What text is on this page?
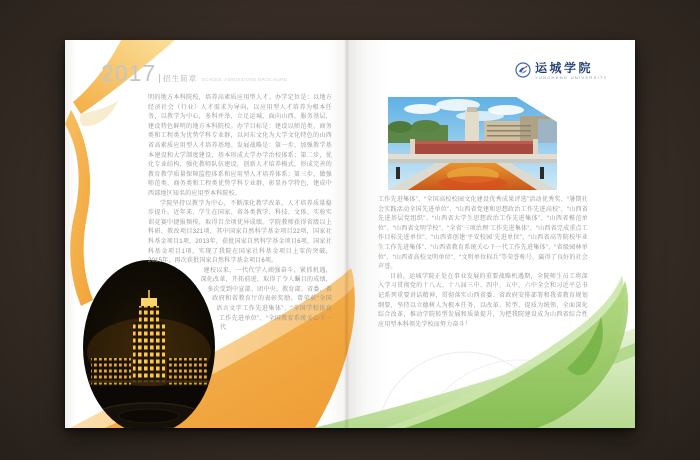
2017 招生简章 SCHOOL ADMISSIONS BROCHURE

明的地方本科院校，培养高素质应用型人才。办学定位是：以地方经济社会（行业）人才需求为导向，以应用型人才培养为根本任务，以教学为中心，多科并举，立足运城，面向山西，服务基层，建设特色鲜明的地方本科院校。办学目标是：建设以师范类、商务类和工程类为优势学科专业群，以河东文化为大学文化特色的山西省高素质应用型人才培养基地。发展战略是：第一步，加强教学基本建设和大学制度建设，基本形成大学办学治校体系；第二步，优化专业结构，强化教师队伍建设，创新人才培养模式，形成完善的教育教学质量保障监控体系和应用型人才培养体系；第三步，做强师范类、商务类和工程类优势学科专业群，彰显办学特色，建成中西部地区知名的应用型本科院校。

学院坚持以教学为中心，不断深化教学改革，人才培养质量稳步提升。近年来，学生在国家、省各类教学、科技、文体、实验实训竞赛中捷报频传，取得百余项优异成绩。学院教师获得省级以上科研、教改项目321项，其中国家自然科学基金项目22项，国家社科基金项目1项，2013年，获批国家自然科学基金项目6项，国家社科基金项目1项，实现了我院在国家社科基金项目上零的突破，2015年，再次获批国家自然科学基金项目6项。

建校以来，一代代学人顽强奋斗，紧抓机遇，深化改革，开拓前进，取得了令人瞩目的成绩，多次受到中宣部、团中央、教育部、省委、省政府和省教育厅的表彰奖励。曾荣获“全国语言文字工作先进集体”、“全国学校体育工作先进单位”、“全国教育系统关心下一代

运城学院
YUNCHENG UNIVERSITY

工作先进集体”、“全国高校校园文化建设优秀成果评选”活动优秀奖、“暑期社会实践活动全国先进单位”、“山西省党建和思想政治工作先进高校”、“山西省先进基层党组织”、“山西省大学生思想政治工作先进集体”、“山西省模范单位”、“山西省文明学校”、“全省‘三项治理’工作先进集体”、“山西省完成重点工作目标先进单位”、“山西省创建‘平安校园’先进单位”、“山西省高等院校毕业生工作先进集体”、“山西省教育系统关心下一代工作先进集体”、“省级园林单位”、“山西省高校文明单位”、“文明单位标兵”等荣誉称号，赢得了良好的社会声誉。

目前，运城学院正处在事业发展的重要战略机遇期，全院师生员工将深入学习贯彻党的十八大、十八届三中、四中、五中、六中全会和习近平总书记系列重要讲话精神，贯彻落实山西省委、省政府安排部署和我省教育规划纲要，坚持以立德树人为根本任务，以改革、转型、提质为统领，全面深化综合改革，推动学院转型发展和质量提升，为把我院建设成为山西省综合性应用型本科领先学校而努力奋斗！
